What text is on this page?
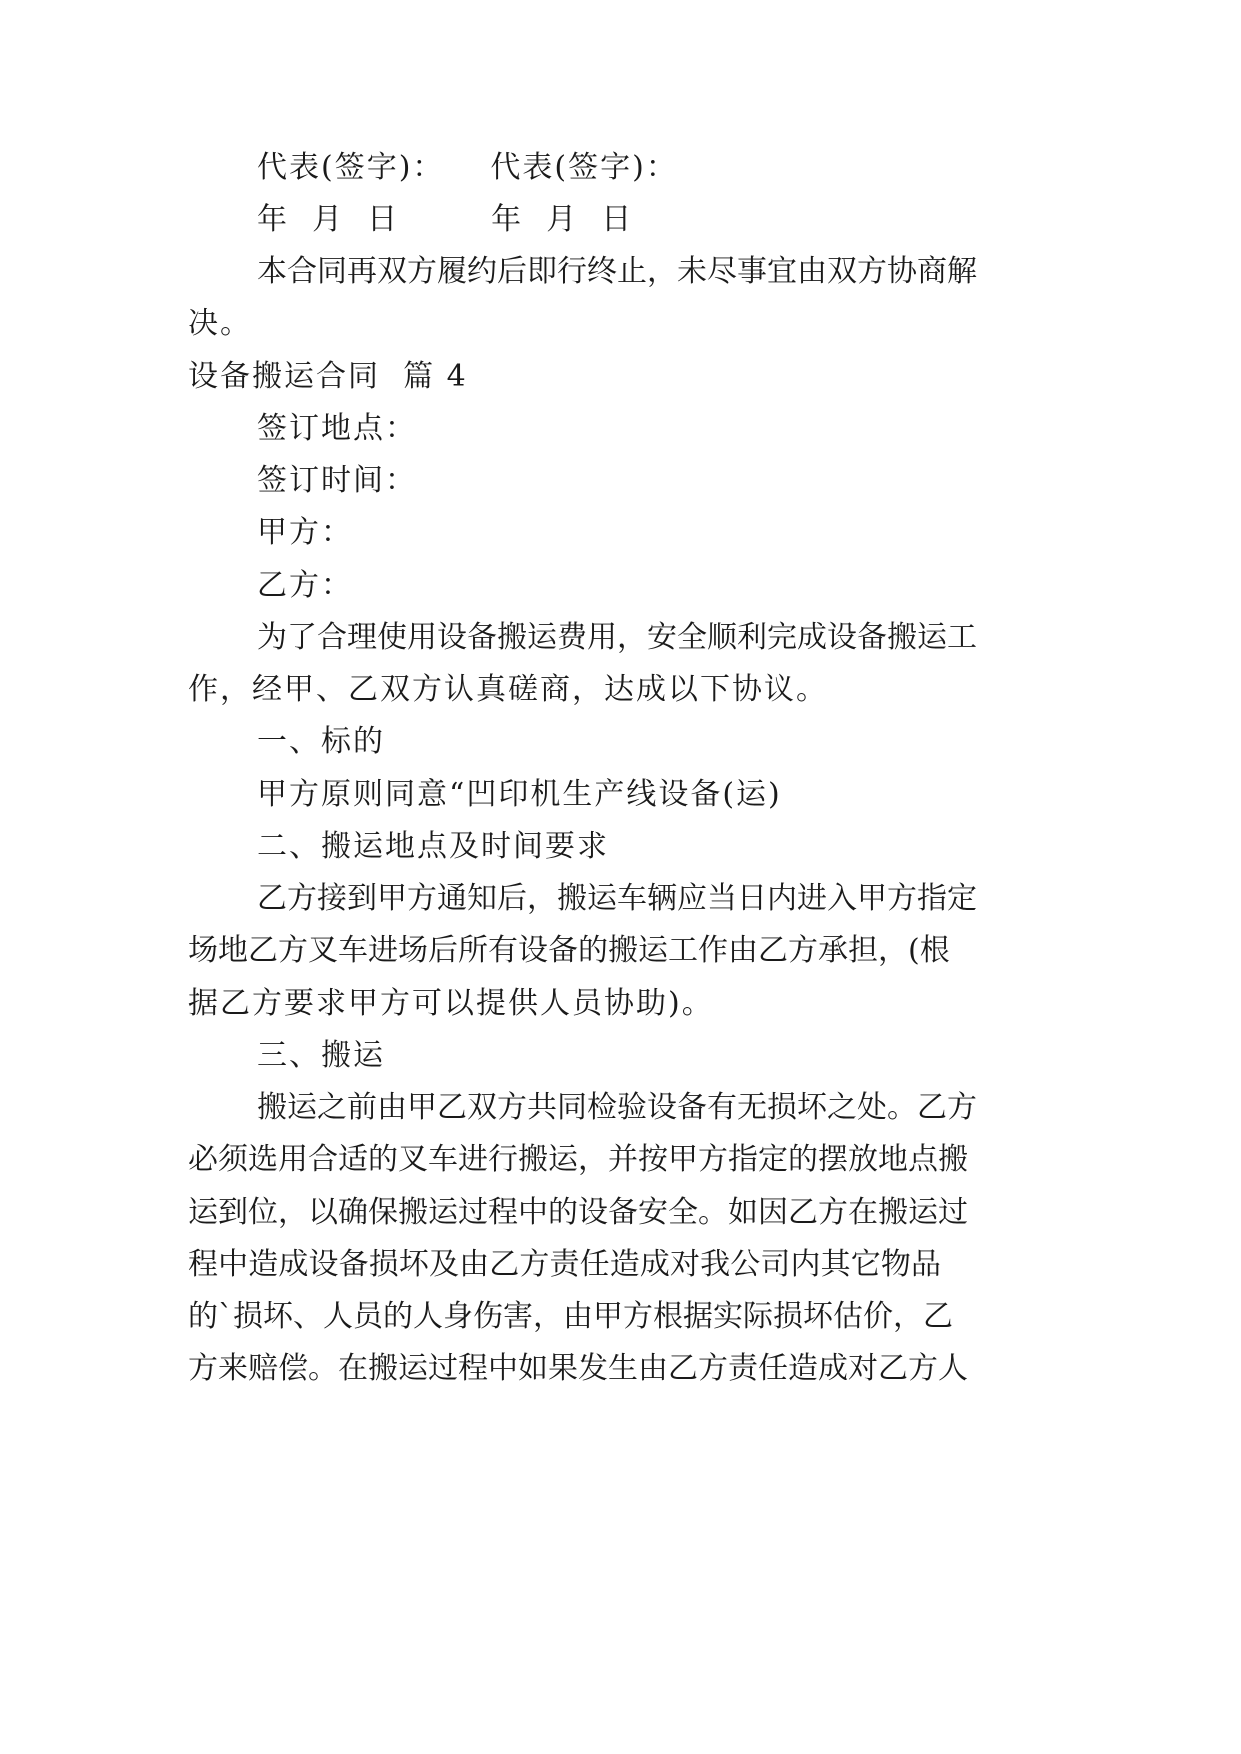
代表(签字)： 代表(签字)：
年  月  日	年  月  日
本合同再双方履约后即行终止，未尽事宜由双方协商解
决。
设备搬运合同  篇 4
签订地点：
签订时间：
甲方：
乙方：
为了合理使用设备搬运费用，安全顺利完成设备搬运工
作，经甲、乙双方认真磋商，达成以下协议。
一、标的
甲方原则同意“凹印机生产线设备(运)
二、搬运地点及时间要求
乙方接到甲方通知后，搬运车辆应当日内进入甲方指定
场地乙方叉车进场后所有设备的搬运工作由乙方承担，(根
据乙方要求甲方可以提供人员协助)。
三、搬运
搬运之前由甲乙双方共同检验设备有无损坏之处。乙方
必须选用合适的叉车进行搬运，并按甲方指定的摆放地点搬
运到位，以确保搬运过程中的设备安全。如因乙方在搬运过
程中造成设备损坏及由乙方责任造成对我公司内其它物品
的`损坏、人员的人身伤害，由甲方根据实际损坏估价，乙
方来赔偿。在搬运过程中如果发生由乙方责任造成对乙方人
